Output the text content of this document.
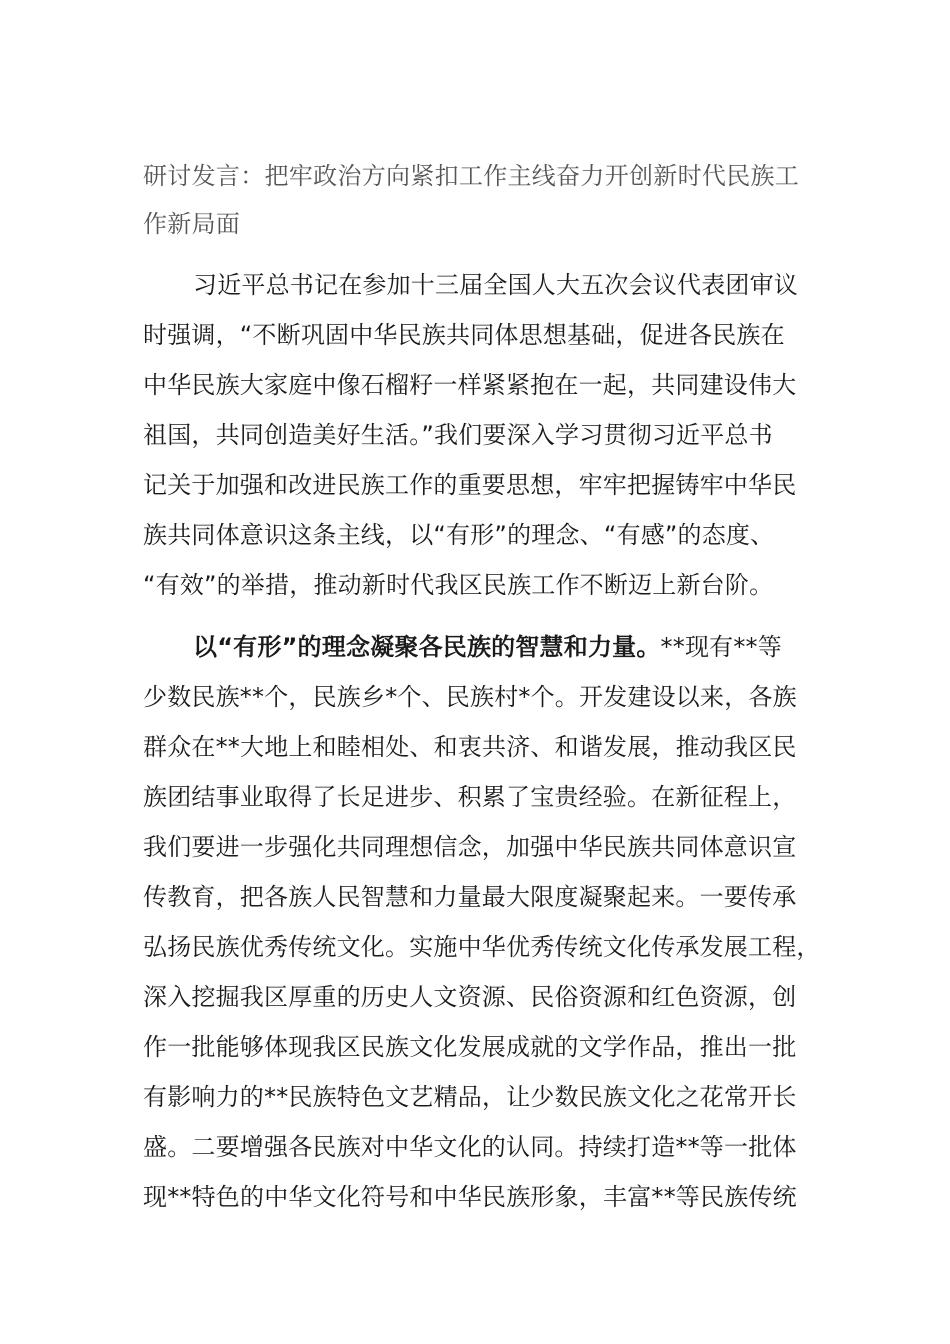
研讨发言：把牢政治方向紧扣工作主线奋力开创新时代民族工作新局面
习近平总书记在参加十三届全国人大五次会议代表团审议
时强调，“不断巩固中华民族共同体思想基础，促进各民族在
中华民族大家庭中像石榴籽一样紧紧抱在一起，共同建设伟大
祖国，共同创造美好生活。”我们要深入学习贯彻习近平总书
记关于加强和改进民族工作的重要思想，牢牢把握铸牢中华民
族共同体意识这条主线，以“有形”的理念、“有感”的态度、
“有效”的举措，推动新时代我区民族工作不断迈上新台阶。
以“有形”的理念凝聚各民族的智慧和力量。**现有**等
少数民族**个，民族乡*个、民族村*个。开发建设以来，各族
群众在**大地上和睦相处、和衷共济、和谐发展，推动我区民
族团结事业取得了长足进步、积累了宝贵经验。在新征程上，
我们要进一步强化共同理想信念，加强中华民族共同体意识宣
传教育，把各族人民智慧和力量最大限度凝聚起来。一要传承
弘扬民族优秀传统文化。实施中华优秀传统文化传承发展工程，
深入挖掘我区厚重的历史人文资源、民俗资源和红色资源，创
作一批能够体现我区民族文化发展成就的文学作品，推出一批
有影响力的**民族特色文艺精品，让少数民族文化之花常开长
盛。二要增强各民族对中华文化的认同。持续打造**等一批体
现**特色的中华文化符号和中华民族形象，丰富**等民族传统
